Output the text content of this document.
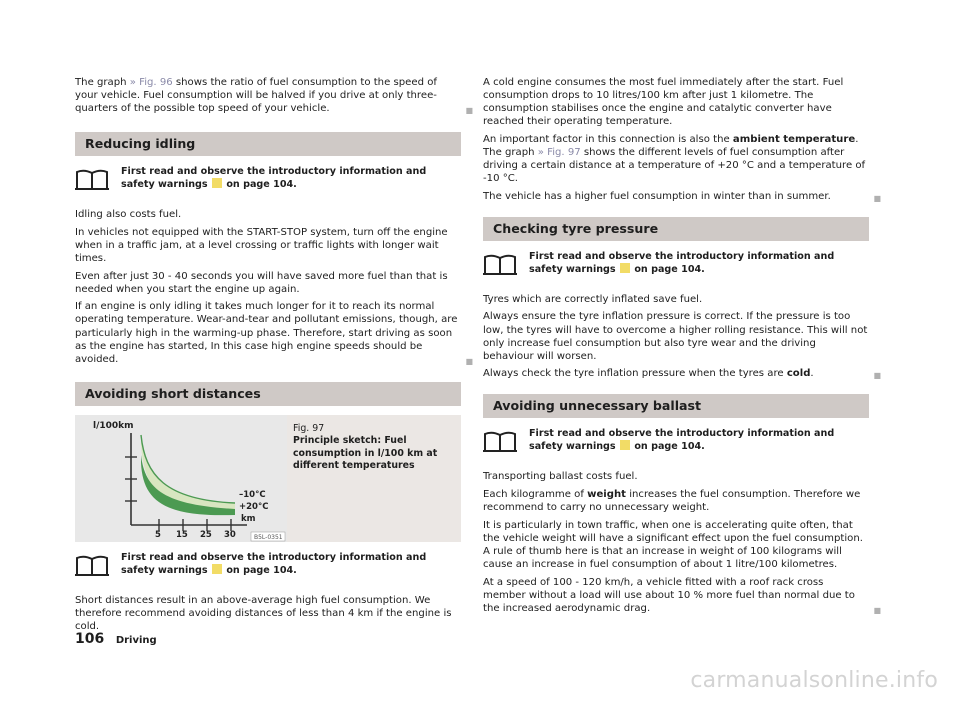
The graph » Fig. 96 shows the ratio of fuel consumption to the speed of your vehicle. Fuel consumption will be halved if you drive at only three-quarters of the possible top speed of your vehicle.	■

Reducing idling
First read and observe the introductory information and safety warnings on page 104.

Idling also costs fuel.

In vehicles not equipped with the START-STOP system, turn off the engine when in a traffic jam, at a level crossing or traffic lights with longer wait times.

Even after just 30 - 40 seconds you will have saved more fuel than that is needed when you start the engine up again.

If an engine is only idling it takes much longer for it to reach its normal operating temperature. Wear-and-tear and pollutant emissions, though, are particularly high in the warming-up phase. Therefore, start driving as soon as the engine has started, In this case high engine speeds should be avoided.	■

Avoiding short distances
l/100km
–10°C
+20°C
km
5 15 25 30	B5L-0351
Fig. 97
Principle sketch: Fuel consumption in l/100 km at different temperatures
First read and observe the introductory information and safety warnings on page 104.

Short distances result in an above-average high fuel consumption. We therefore recommend avoiding distances of less than 4 km if the engine is cold.

A cold engine consumes the most fuel immediately after the start. Fuel consumption drops to 10 litres/100 km after just 1 kilometre. The consumption stabilises once the engine and catalytic converter have reached their operating temperature.

An important factor in this connection is also the ambient temperature. The graph » Fig. 97 shows the different levels of fuel consumption after driving a certain distance at a temperature of +20 °C and a temperature of -10 °C.

The vehicle has a higher fuel consumption in winter than in summer.	■

Checking tyre pressure
First read and observe the introductory information and safety warnings on page 104.

Tyres which are correctly inflated save fuel.

Always ensure the tyre inflation pressure is correct. If the pressure is too low, the tyres will have to overcome a higher rolling resistance. This will not only increase fuel consumption but also tyre wear and the driving behaviour will worsen.

Always check the tyre inflation pressure when the tyres are cold.	■

Avoiding unnecessary ballast
First read and observe the introductory information and safety warnings on page 104.

Transporting ballast costs fuel.

Each kilogramme of weight increases the fuel consumption. Therefore we recommend to carry no unnecessary weight.

It is particularly in town traffic, when one is accelerating quite often, that the vehicle weight will have a significant effect upon the fuel consumption. A rule of thumb here is that an increase in weight of 100 kilograms will cause an increase in fuel consumption of about 1 litre/100 kilometres.

At a speed of 100 - 120 km/h, a vehicle fitted with a roof rack cross member without a load will use about 10 % more fuel than normal due to the increased aerodynamic drag.	■

106 Driving
carmanualsonline.info
